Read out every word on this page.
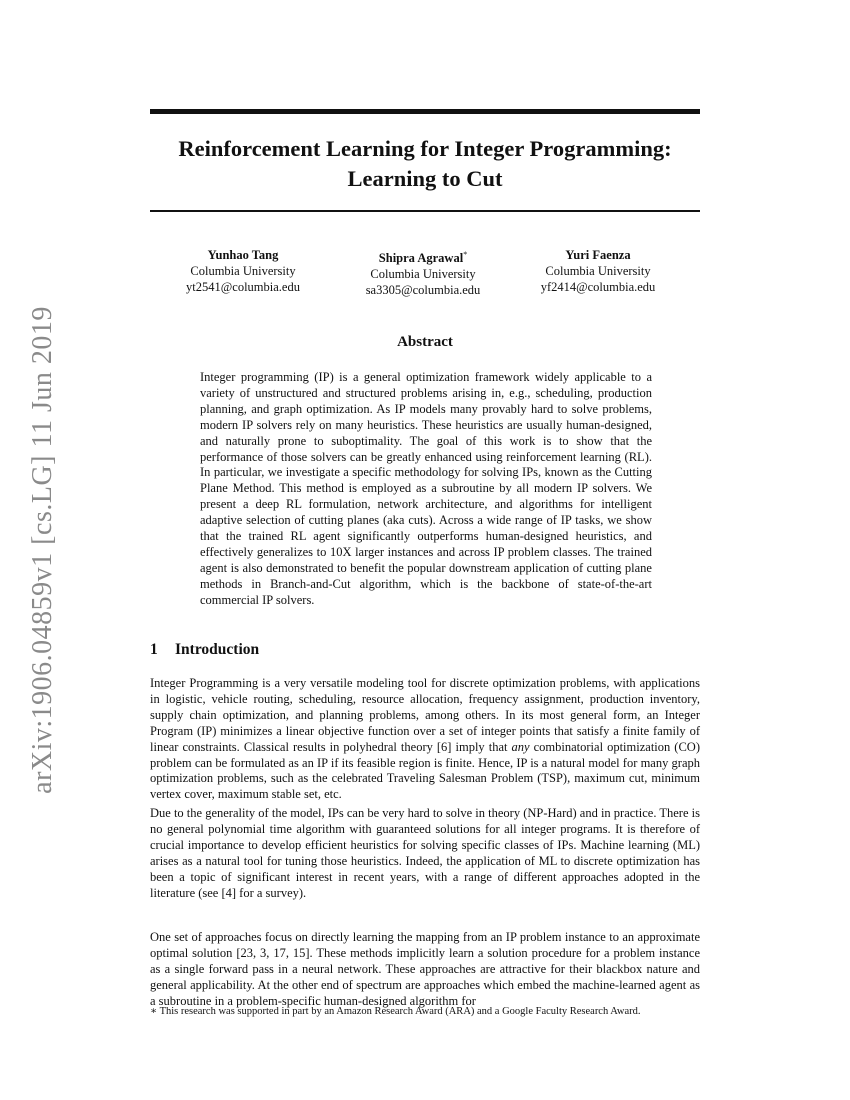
arXiv:1906.04859v1 [cs.LG] 11 Jun 2019
Reinforcement Learning for Integer Programming:
Learning to Cut
Yunhao Tang
Columbia University
yt2541@columbia.edu
Shipra Agrawal*
Columbia University
sa3305@columbia.edu
Yuri Faenza
Columbia University
yf2414@columbia.edu
Abstract

Integer programming (IP) is a general optimization framework widely applicable to a variety of unstructured and structured problems arising in, e.g., scheduling, production planning, and graph optimization. As IP models many provably hard to solve problems, modern IP solvers rely on many heuristics. These heuristics are usually human-designed, and naturally prone to suboptimality. The goal of this work is to show that the performance of those solvers can be greatly enhanced using reinforcement learning (RL). In particular, we investigate a specific methodology for solving IPs, known as the Cutting Plane Method. This method is employed as a subroutine by all modern IP solvers. We present a deep RL formulation, network architecture, and algorithms for intelligent adaptive selection of cutting planes (aka cuts). Across a wide range of IP tasks, we show that the trained RL agent significantly outperforms human-designed heuristics, and effectively generalizes to 10X larger instances and across IP problem classes. The trained agent is also demonstrated to benefit the popular downstream application of cutting plane methods in Branch-and-Cut algorithm, which is the backbone of state-of-the-art commercial IP solvers.

1 Introduction

Integer Programming is a very versatile modeling tool for discrete optimization problems, with applications in logistic, vehicle routing, scheduling, resource allocation, frequency assignment, production inventory, supply chain optimization, and planning problems, among others. In its most general form, an Integer Program (IP) minimizes a linear objective function over a set of integer points that satisfy a finite family of linear constraints. Classical results in polyhedral theory [6] imply that any combinatorial optimization (CO) problem can be formulated as an IP if its feasible region is finite. Hence, IP is a natural model for many graph optimization problems, such as the celebrated Traveling Salesman Problem (TSP), maximum cut, minimum vertex cover, maximum stable set, etc.

Due to the generality of the model, IPs can be very hard to solve in theory (NP-Hard) and in practice. There is no general polynomial time algorithm with guaranteed solutions for all integer programs. It is therefore of crucial importance to develop efficient heuristics for solving specific classes of IPs. Machine learning (ML) arises as a natural tool for tuning those heuristics. Indeed, the application of ML to discrete optimization has been a topic of significant interest in recent years, with a range of different approaches adopted in the literature (see [4] for a survey).

One set of approaches focus on directly learning the mapping from an IP problem instance to an approximate optimal solution [23, 3, 17, 15]. These methods implicitly learn a solution procedure for a problem instance as a single forward pass in a neural network. These approaches are attractive for their blackbox nature and general applicability. At the other end of spectrum are approaches which embed the machine-learned agent as a subroutine in a problem-specific human-designed algorithm for

∗ This research was supported in part by an Amazon Research Award (ARA) and a Google Faculty Research Award.
